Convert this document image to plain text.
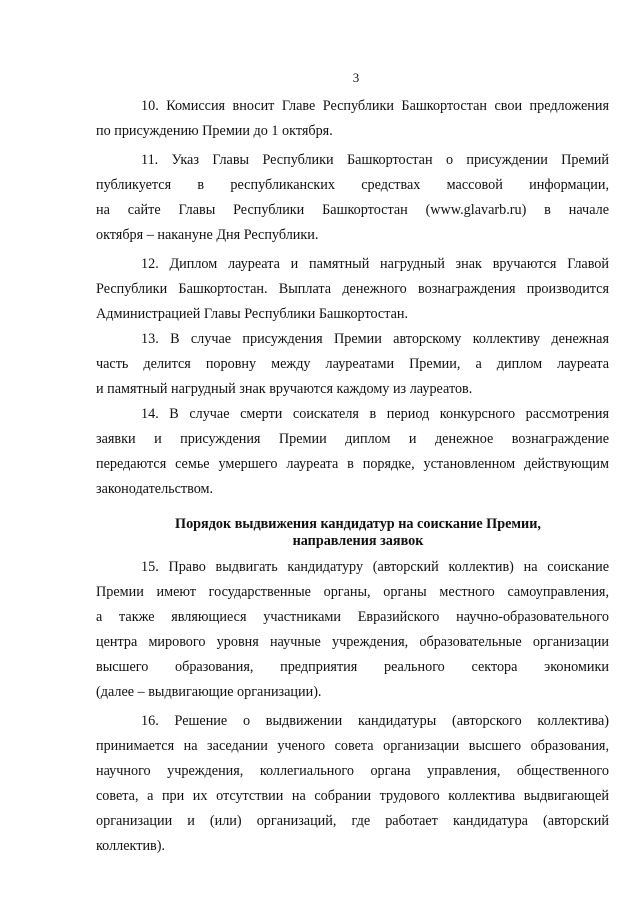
3
10. Комиссия вносит Главе Республики Башкортостан свои предложения
по присуждению Премии до 1 октября.
11. Указ Главы Республики Башкортостан о присуждении Премий
публикуется в республиканских средствах массовой информации,
на сайте Главы Республики Башкортостан (www.glavarb.ru) в начале
октября – накануне Дня Республики.
12. Диплом лауреата и памятный нагрудный знак вручаются Главой
Республики Башкортостан. Выплата денежного вознаграждения производится
Администрацией Главы Республики Башкортостан.
13. В случае присуждения Премии авторскому коллективу денежная
часть делится поровну между лауреатами Премии, а диплом лауреата
и памятный нагрудный знак вручаются каждому из лауреатов.
14. В случае смерти соискателя в период конкурсного рассмотрения
заявки и присуждения Премии диплом и денежное вознаграждение
передаются семье умершего лауреата в порядке, установленном действующим
законодательством.
Порядок выдвижения кандидатур на соискание Премии,
направления заявок
15. Право выдвигать кандидатуру (авторский коллектив) на соискание
Премии имеют государственные органы, органы местного самоуправления,
а также являющиеся участниками Евразийского научно-образовательного
центра мирового уровня научные учреждения, образовательные организации
высшего образования, предприятия реального сектора экономики
(далее – выдвигающие организации).
16. Решение о выдвижении кандидатуры (авторского коллектива)
принимается на заседании ученого совета организации высшего образования,
научного учреждения, коллегиального органа управления, общественного
совета, а при их отсутствии на собрании трудового коллектива выдвигающей
организации и (или) организаций, где работает кандидатура (авторский
коллектив).
